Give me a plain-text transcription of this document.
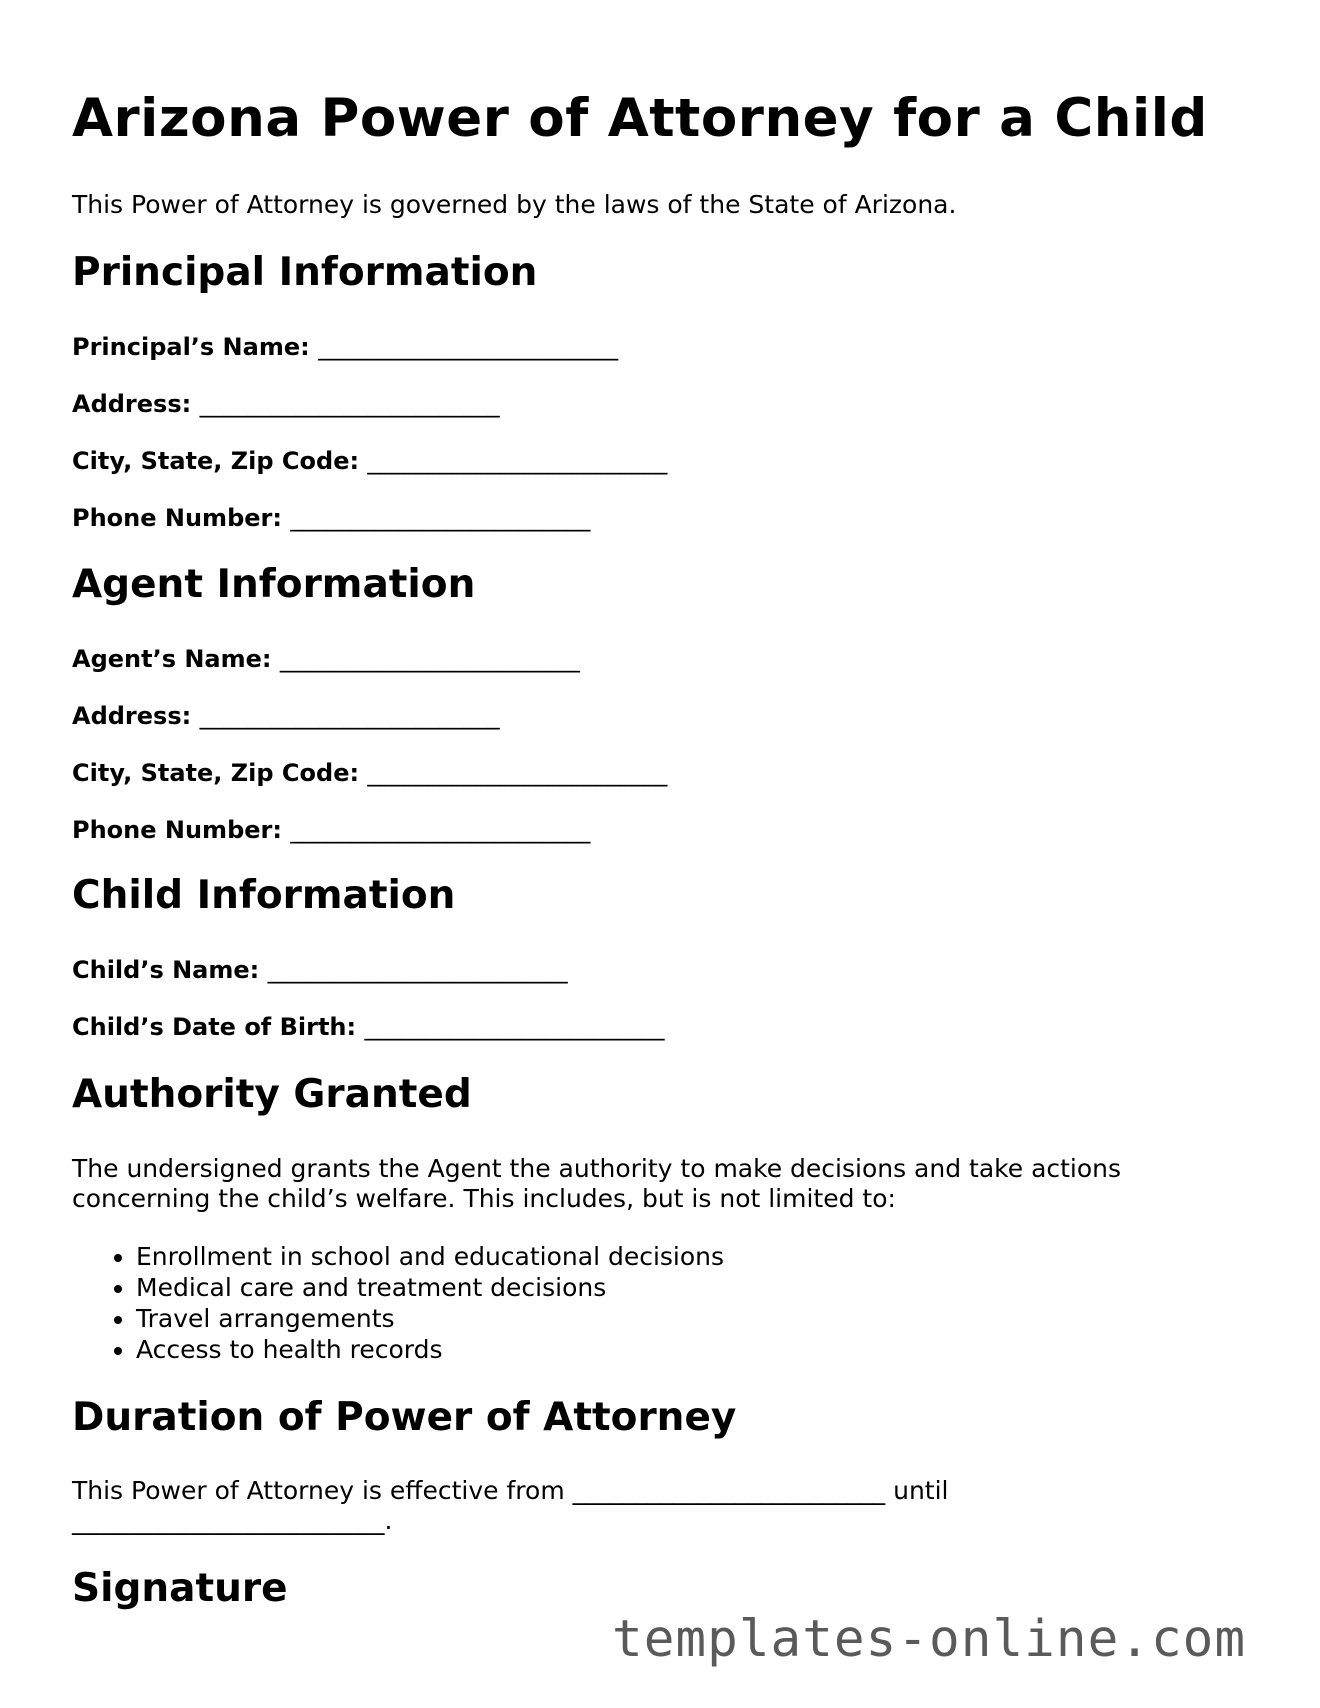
Arizona Power of Attorney for a Child

This Power of Attorney is governed by the laws of the State of Arizona.

Principal Information

Principal’s Name: _________________________

Address: _________________________

City, State, Zip Code: _________________________

Phone Number: _________________________

Agent Information

Agent’s Name: _________________________

Address: _________________________

City, State, Zip Code: _________________________

Phone Number: _________________________

Child Information

Child’s Name: _________________________

Child’s Date of Birth: _________________________

Authority Granted

The undersigned grants the Agent the authority to make decisions and take actions

concerning the child’s welfare. This includes, but is not limited to:

• Enrollment in school and educational decisions
• Medical care and treatment decisions
• Travel arrangements
• Access to health records
Duration of Power of Attorney

This Power of Attorney is effective from _________________________ until

_________________________.

Signature
templates-online.com
